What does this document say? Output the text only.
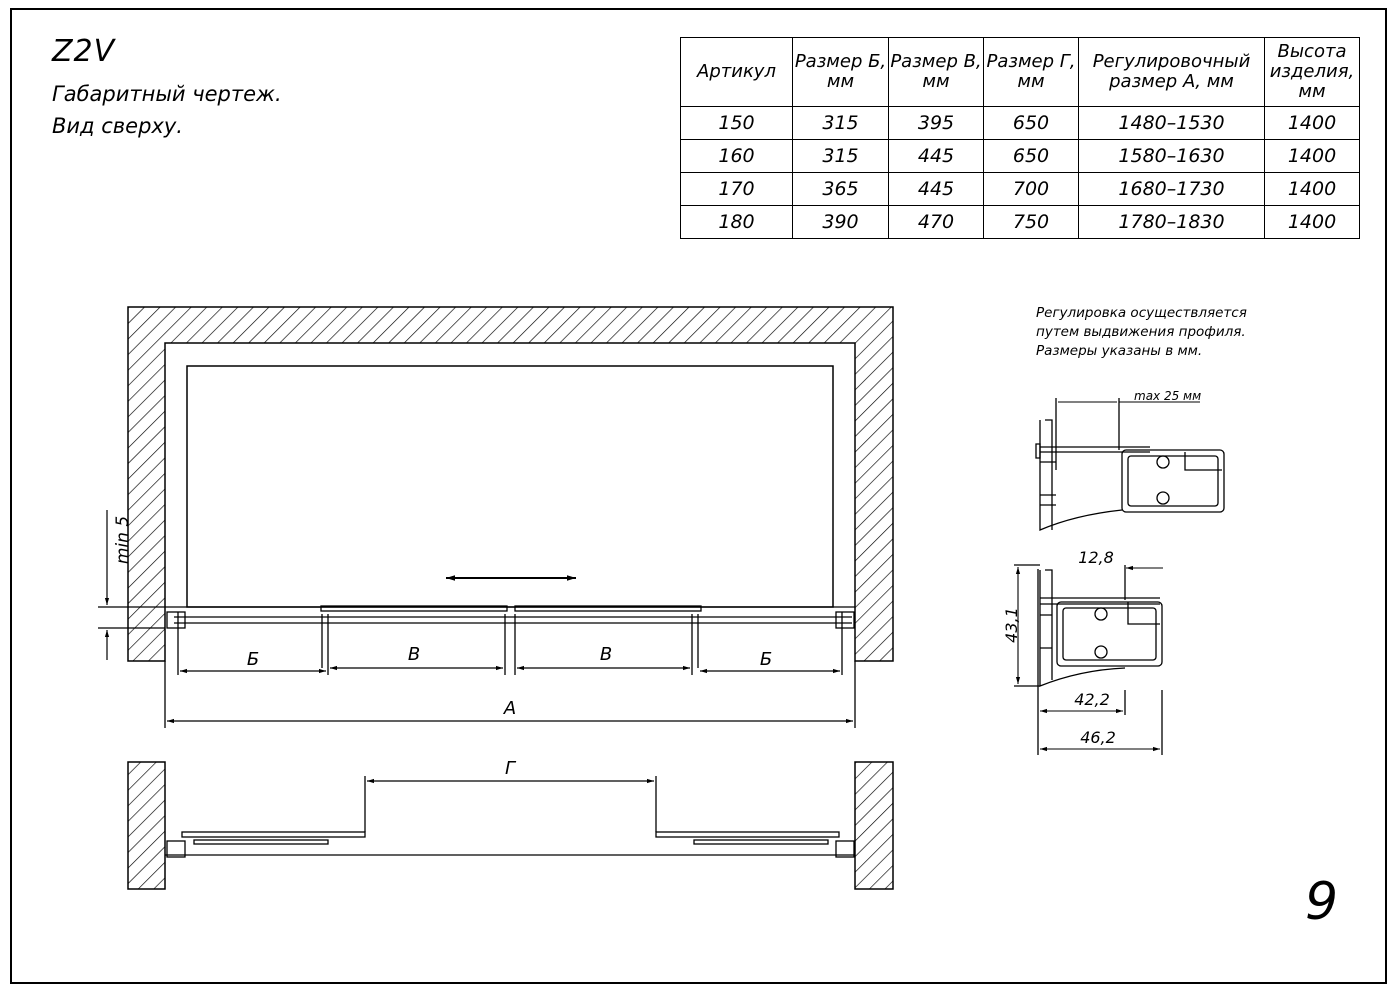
Z2V
Габаритный чертеж.
Вид сверху.
Артикул	Размер Б, мм	Размер В, мм	Размер Г, мм	Регулировочный размер А, мм	Высота изделия, мм
150	315	395	650	1480–1530	1400
160	315	445	650	1580–1630	1400
170	365	445	700	1680–1730	1400
180	390	470	750	1780–1830	1400
Регулировка осуществляется
путем выдвижения профиля.
Размеры указаны в мм.
min 5
Б	В	В	Б
А
Г
max 25 мм
12,8
43,1
42,2
46,2
9
